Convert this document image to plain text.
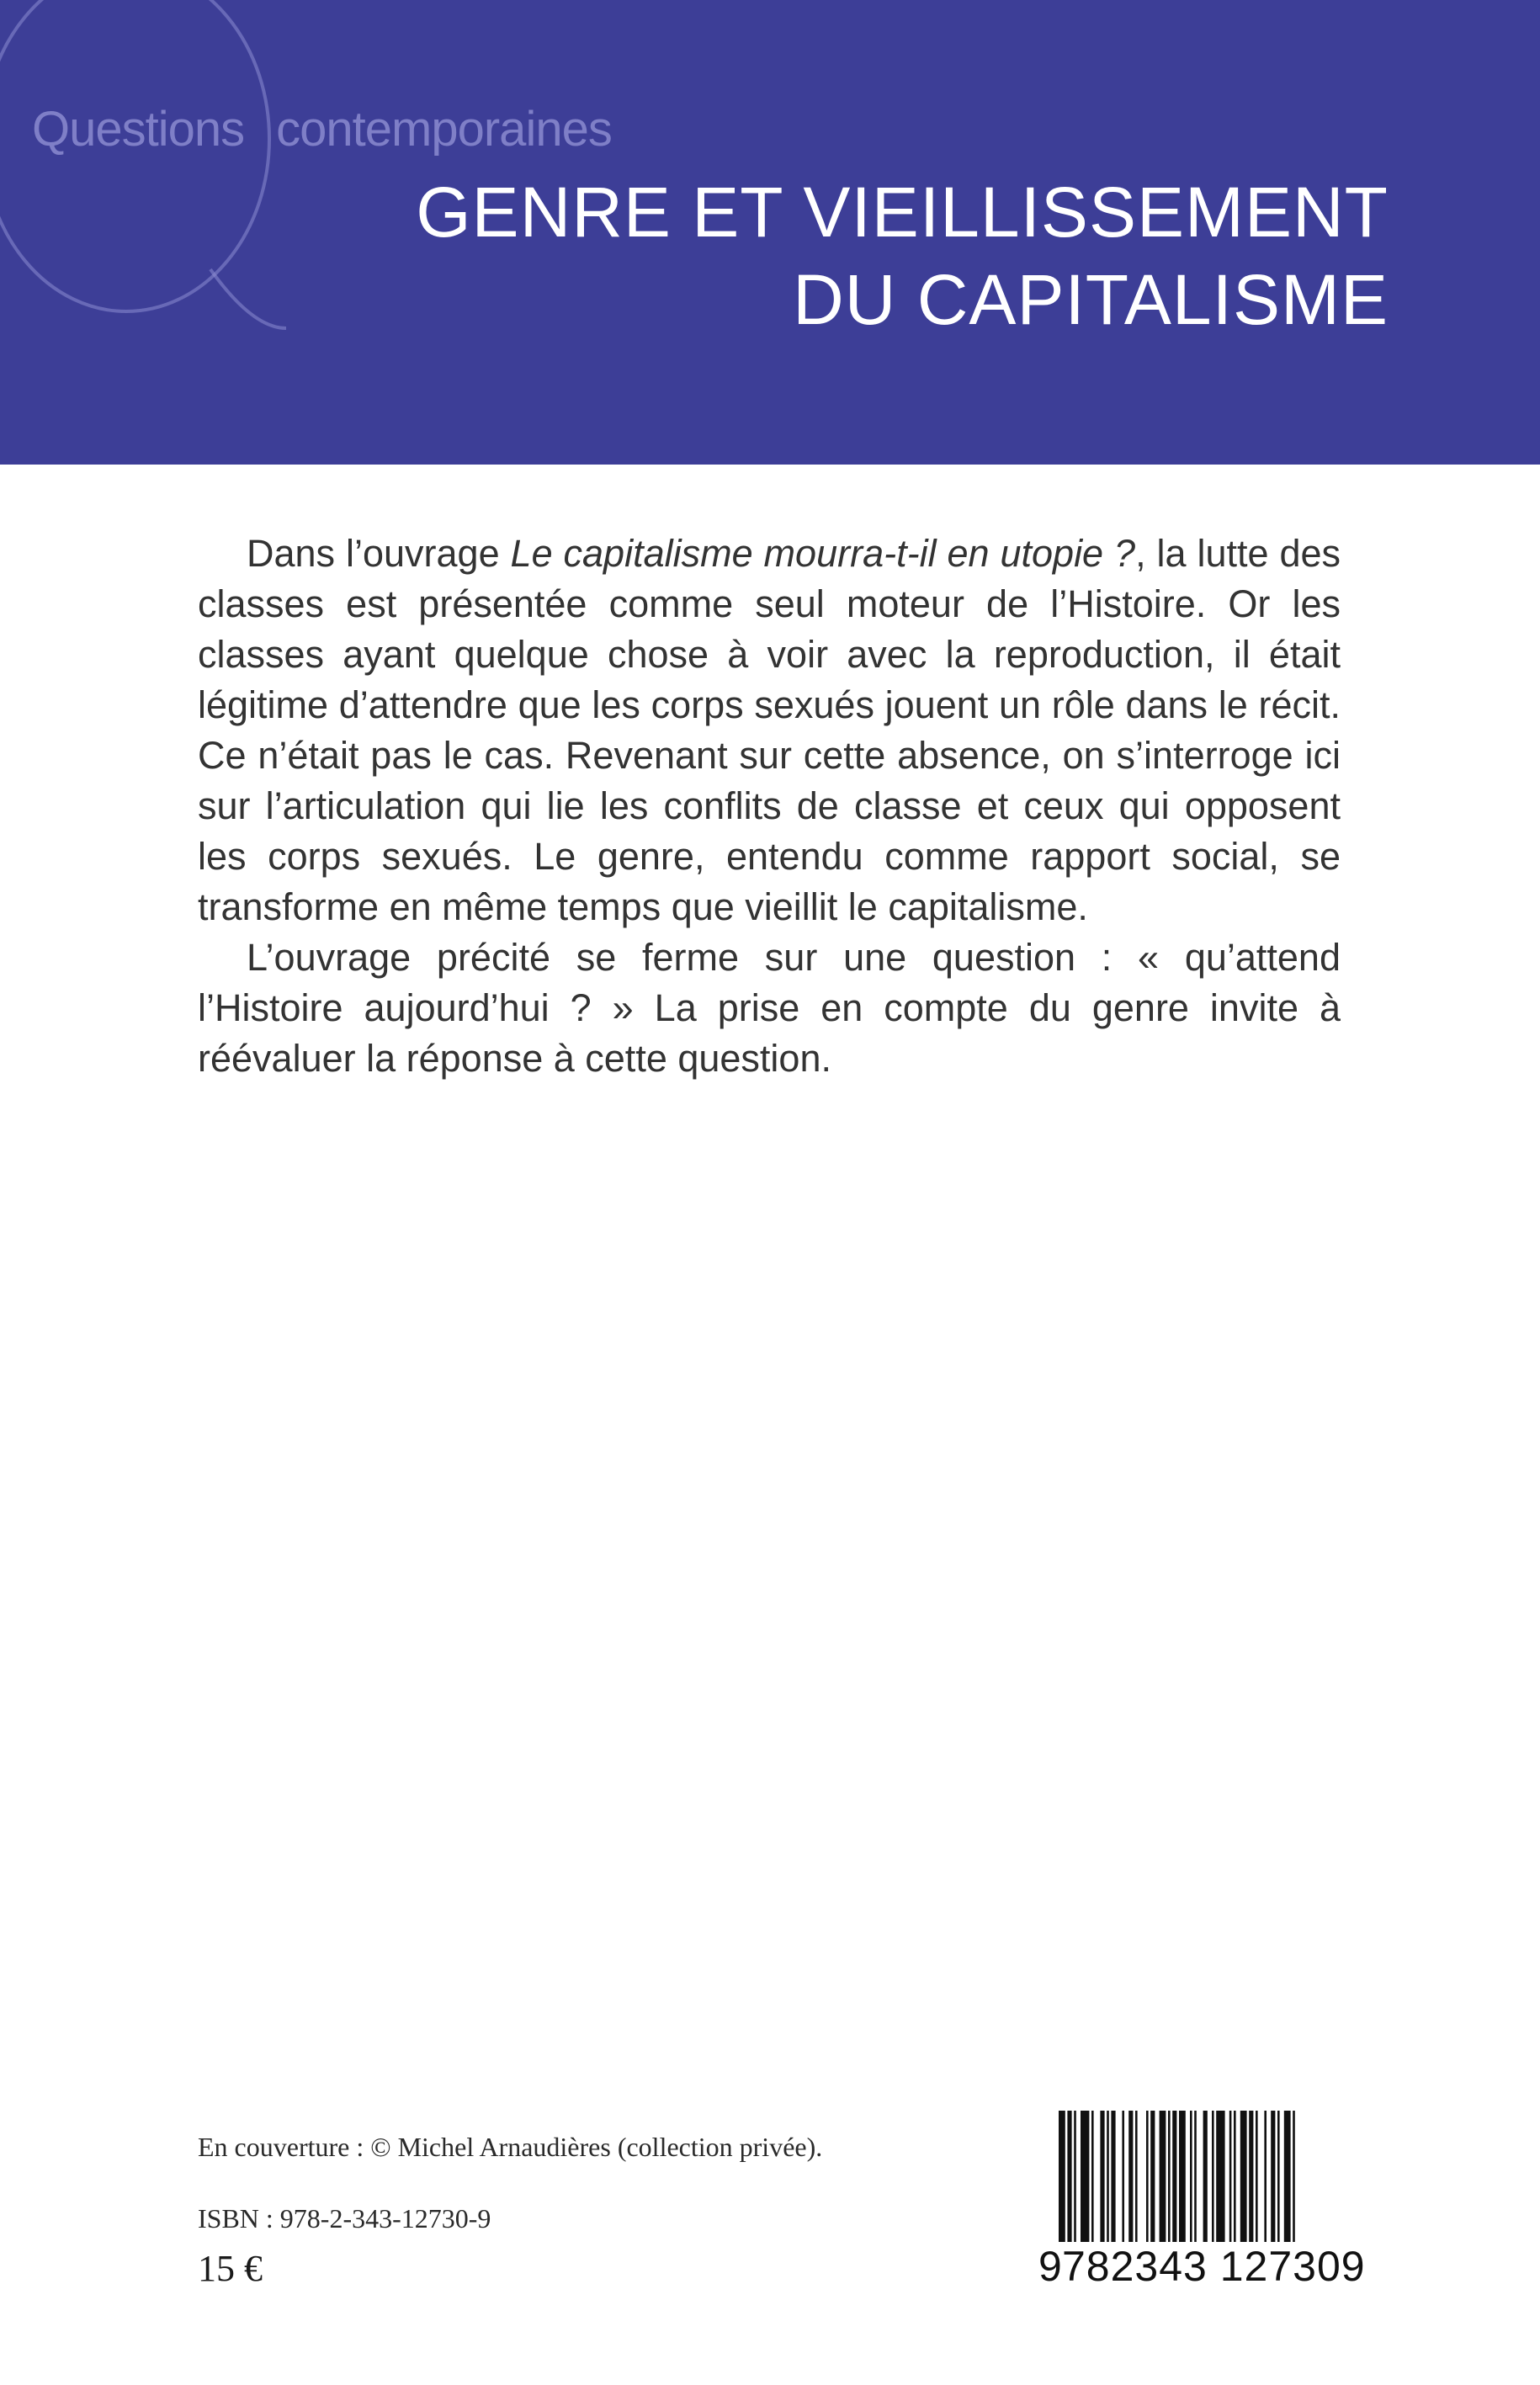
Questions contemporaines
GENRE ET VIEILLISSEMENT
DU CAPITALISME

Dans l’ouvrage Le capitalisme mourra-t-il en utopie ?, la lutte des classes est présentée comme seul moteur de l’Histoire. Or les classes ayant quelque chose à voir avec la reproduction, il était légitime d’attendre que les corps sexués jouent un rôle dans le récit. Ce n’était pas le cas. Revenant sur cette absence, on s’interroge ici sur l’articulation qui lie les conflits de classe et ceux qui opposent les corps sexués. Le genre, entendu comme rapport social, se transforme en même temps que vieillit le capitalisme.

L’ouvrage précité se ferme sur une question : « qu’attend l’Histoire aujourd’hui ? » La prise en compte du genre invite à réévaluer la réponse à cette question.

En couverture : © Michel Arnaudières (collection privée).
ISBN : 978-2-343-12730-9
15 €	9 782343 127309
